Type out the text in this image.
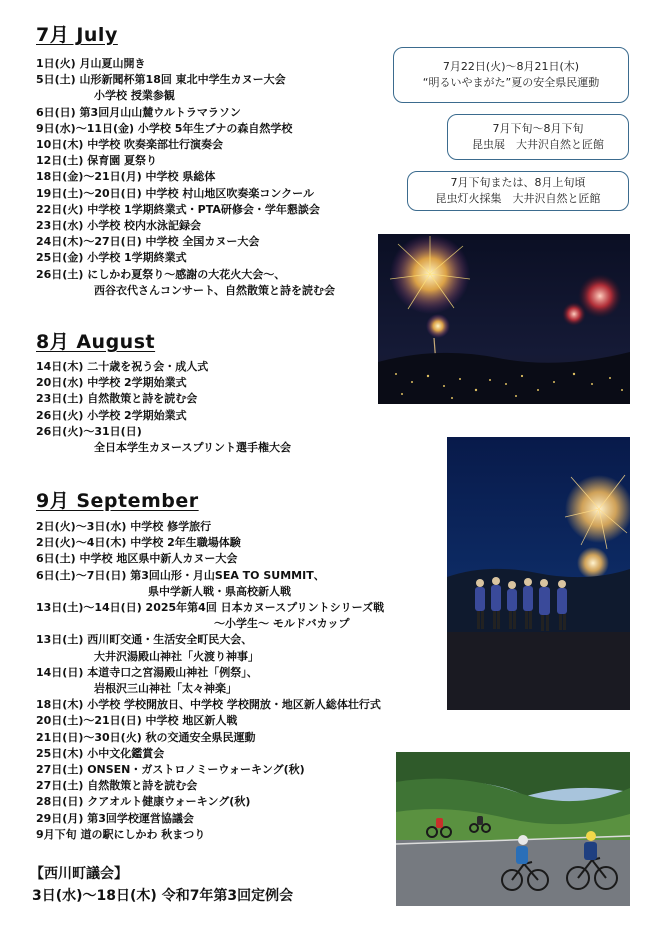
7月 July
1日(火) 月山夏山開き
5日(土) 山形新聞杯第18回 東北中学生カヌー大会
小学校 授業参観
6日(日) 第3回月山山麓ウルトラマラソン
9日(水)〜11日(金) 小学校 5年生ブナの森自然学校
10日(木) 中学校 吹奏楽部壮行演奏会
12日(土) 保育園 夏祭り
18日(金)〜21日(月) 中学校 県総体
19日(土)〜20日(日) 中学校 村山地区吹奏楽コンクール
22日(火) 中学校 1学期終業式・PTA研修会・学年懇談会
23日(水) 小学校 校内水泳記録会
24日(木)〜27日(日) 中学校 全国カヌー大会
25日(金) 小学校 1学期終業式
26日(土) にしかわ夏祭り〜感謝の大花火大会〜、
西谷衣代さんコンサート、自然散策と詩を読む会
7月22日(火)〜8月21日(木)
“明るいやまがた”夏の安全県民運動
7月下旬〜8月下旬
昆虫展　大井沢自然と匠館
7月下旬または、8月上旬頃
昆虫灯火採集　大井沢自然と匠館
8月 August
14日(木) 二十歳を祝う会・成人式
20日(水) 中学校 2学期始業式
23日(土) 自然散策と詩を読む会
26日(火) 小学校 2学期始業式
26日(火)〜31日(日)
全日本学生カヌースプリント選手権大会
9月 September
2日(火)〜3日(水) 中学校 修学旅行
2日(火)〜4日(木) 中学校 2年生職場体験
6日(土) 中学校 地区県中新人カヌー大会
6日(土)〜7日(日) 第3回山形・月山SEA TO SUMMIT、
県中学新人戦・県高校新人戦
13日(土)〜14日(日) 2025年第4回 日本カヌースプリントシリーズ戦
〜小学生〜 モルドバカップ
13日(土) 西川町交通・生活安全町民大会、
大井沢湯殿山神社「火渡り神事」
14日(日) 本道寺口之宮湯殿山神社「例祭」、
岩根沢三山神社「太々神楽」
18日(木) 小学校 学校開放日、中学校 学校開放・地区新人総体壮行式
20日(土)〜21日(日) 中学校 地区新人戦
21日(日)〜30日(火) 秋の交通安全県民運動
25日(木) 小中文化鑑賞会
27日(土) ONSEN・ガストロノミーウォーキング(秋)
27日(土) 自然散策と詩を読む会
28日(日) クアオルト健康ウォーキング(秋)
29日(月) 第3回学校運営協議会
9月下旬 道の駅にしかわ 秋まつり
【西川町議会】
3日(水)〜18日(木) 令和7年第3回定例会
